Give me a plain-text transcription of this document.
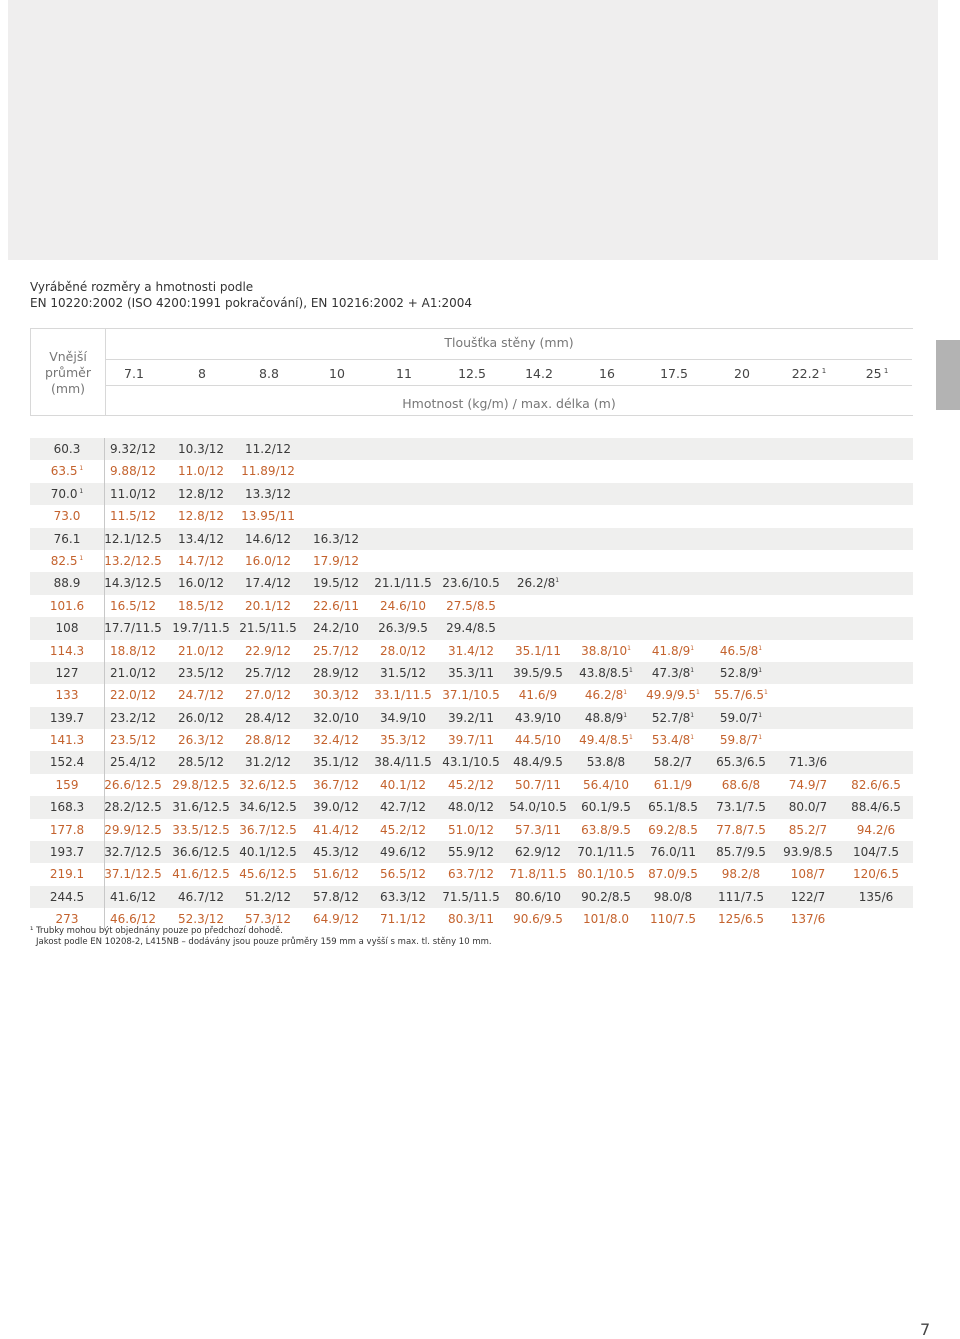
Vyráběné rozměry a hmotnosti podle
EN 10220:2002 (ISO 4200:1991 pokračování), EN 10216:2002 + A1:2004
Vnější
průměr
(mm)
Tloušťka stěny (mm)
7.1	8	8.8	10	11	12.5	14.2	16	17.5	20	22.2 $^1$	25 $^1$
Hmotnost (kg/m) / max. délka (m)
60.3	9.32/12	10.3/12	11.2/12
63.5 $^1$	9.88/12	11.0/12	11.89/12
70.0 $^1$	11.0/12	12.8/12	13.3/12
73.0	11.5/12	12.8/12	13.95/11
76.1	12.1/12.5	13.4/12	14.6/12	16.3/12
82.5 $^1$	13.2/12.5	14.7/12	16.0/12	17.9/12
88.9	14.3/12.5	16.0/12	17.4/12	19.5/12	21.1/11.5 23.6/10.5	$26.2/8^1$
101.6	16.5/12	18.5/12	20.1/12	22.6/11	24.6/10	27.5/8.5
108	17.7/11.5 19.7/11.5 21.5/11.5	24.2/10	26.3/9.5	29.4/8.5
114.3	18.8/12	21.0/12	22.9/12	25.7/12	28.0/12	31.4/12	35.1/11	$38.8/10^1$	$41.8/9^1$	$46.5/8^1$
127	21.0/12	23.5/12	25.7/12	28.9/12	31.5/12	35.3/11	39.5/9.5	$43.8/8.5^1$	$47.3/8^1$	$52.8/9^1$
133	22.0/12	24.7/12	27.0/12	30.3/12	33.1/11.5 37.1/10.5	41.6/9	$46.2/8^1$	$49.9/9.5^1$	$55.7/6.5^1$
139.7	23.2/12	26.0/12	28.4/12	32.0/10	34.9/10	39.2/11	43.9/10	$48.8/9^1$	$52.7/8^1$	$59.0/7^1$
141.3	23.5/12	26.3/12	28.8/12	32.4/12	35.3/12	39.7/11	44.5/10	$49.4/8.5^1$	$53.4/8^1$	$59.8/7^1$
152.4	25.4/12	28.5/12	31.2/12	35.1/12	38.4/11.5 43.1/10.5	48.4/9.5	53.8/8	58.2/7	65.3/6.5	71.3/6
159	26.6/12.5 29.8/12.5 32.6/12.5	36.7/12	40.1/12	45.2/12	50.7/11	56.4/10	61.1/9	68.6/8	74.9/7	82.6/6.5
168.3	28.2/12.5 31.6/12.5 34.6/12.5	39.0/12	42.7/12	48.0/12	54.0/10.5	60.1/9.5	65.1/8.5	73.1/7.5	80.0/7	88.4/6.5
177.8	29.9/12.5 33.5/12.5 36.7/12.5	41.4/12	45.2/12	51.0/12	57.3/11	63.8/9.5	69.2/8.5	77.8/7.5	85.2/7	94.2/6
193.7	32.7/12.5 36.6/12.5 40.1/12.5	45.3/12	49.6/12	55.9/12	62.9/12	70.1/11.5	76.0/11	85.7/9.5	93.9/8.5	104/7.5
219.1	37.1/12.5 41.6/12.5 45.6/12.5	51.6/12	56.5/12	63.7/12	71.8/11.5 80.1/10.5	87.0/9.5	98.2/8	108/7	120/6.5
244.5	41.6/12	46.7/12	51.2/12	57.8/12	63.3/12	71.5/11.5	80.6/10	90.2/8.5	98.0/8	111/7.5	122/7	135/6
273	46.6/12	52.3/12	57.3/12	64.9/12	71.1/12	80.3/11	90.6/9.5	101/8.0	110/7.5	125/6.5	137/6
¹ Trubky mohou být objednány pouze po předchozí dohodě.
Jakost podle EN 10208-2, L415NB – dodávány jsou pouze průměry 159 mm a vyšší s max. tl. stěny 10 mm.
7
